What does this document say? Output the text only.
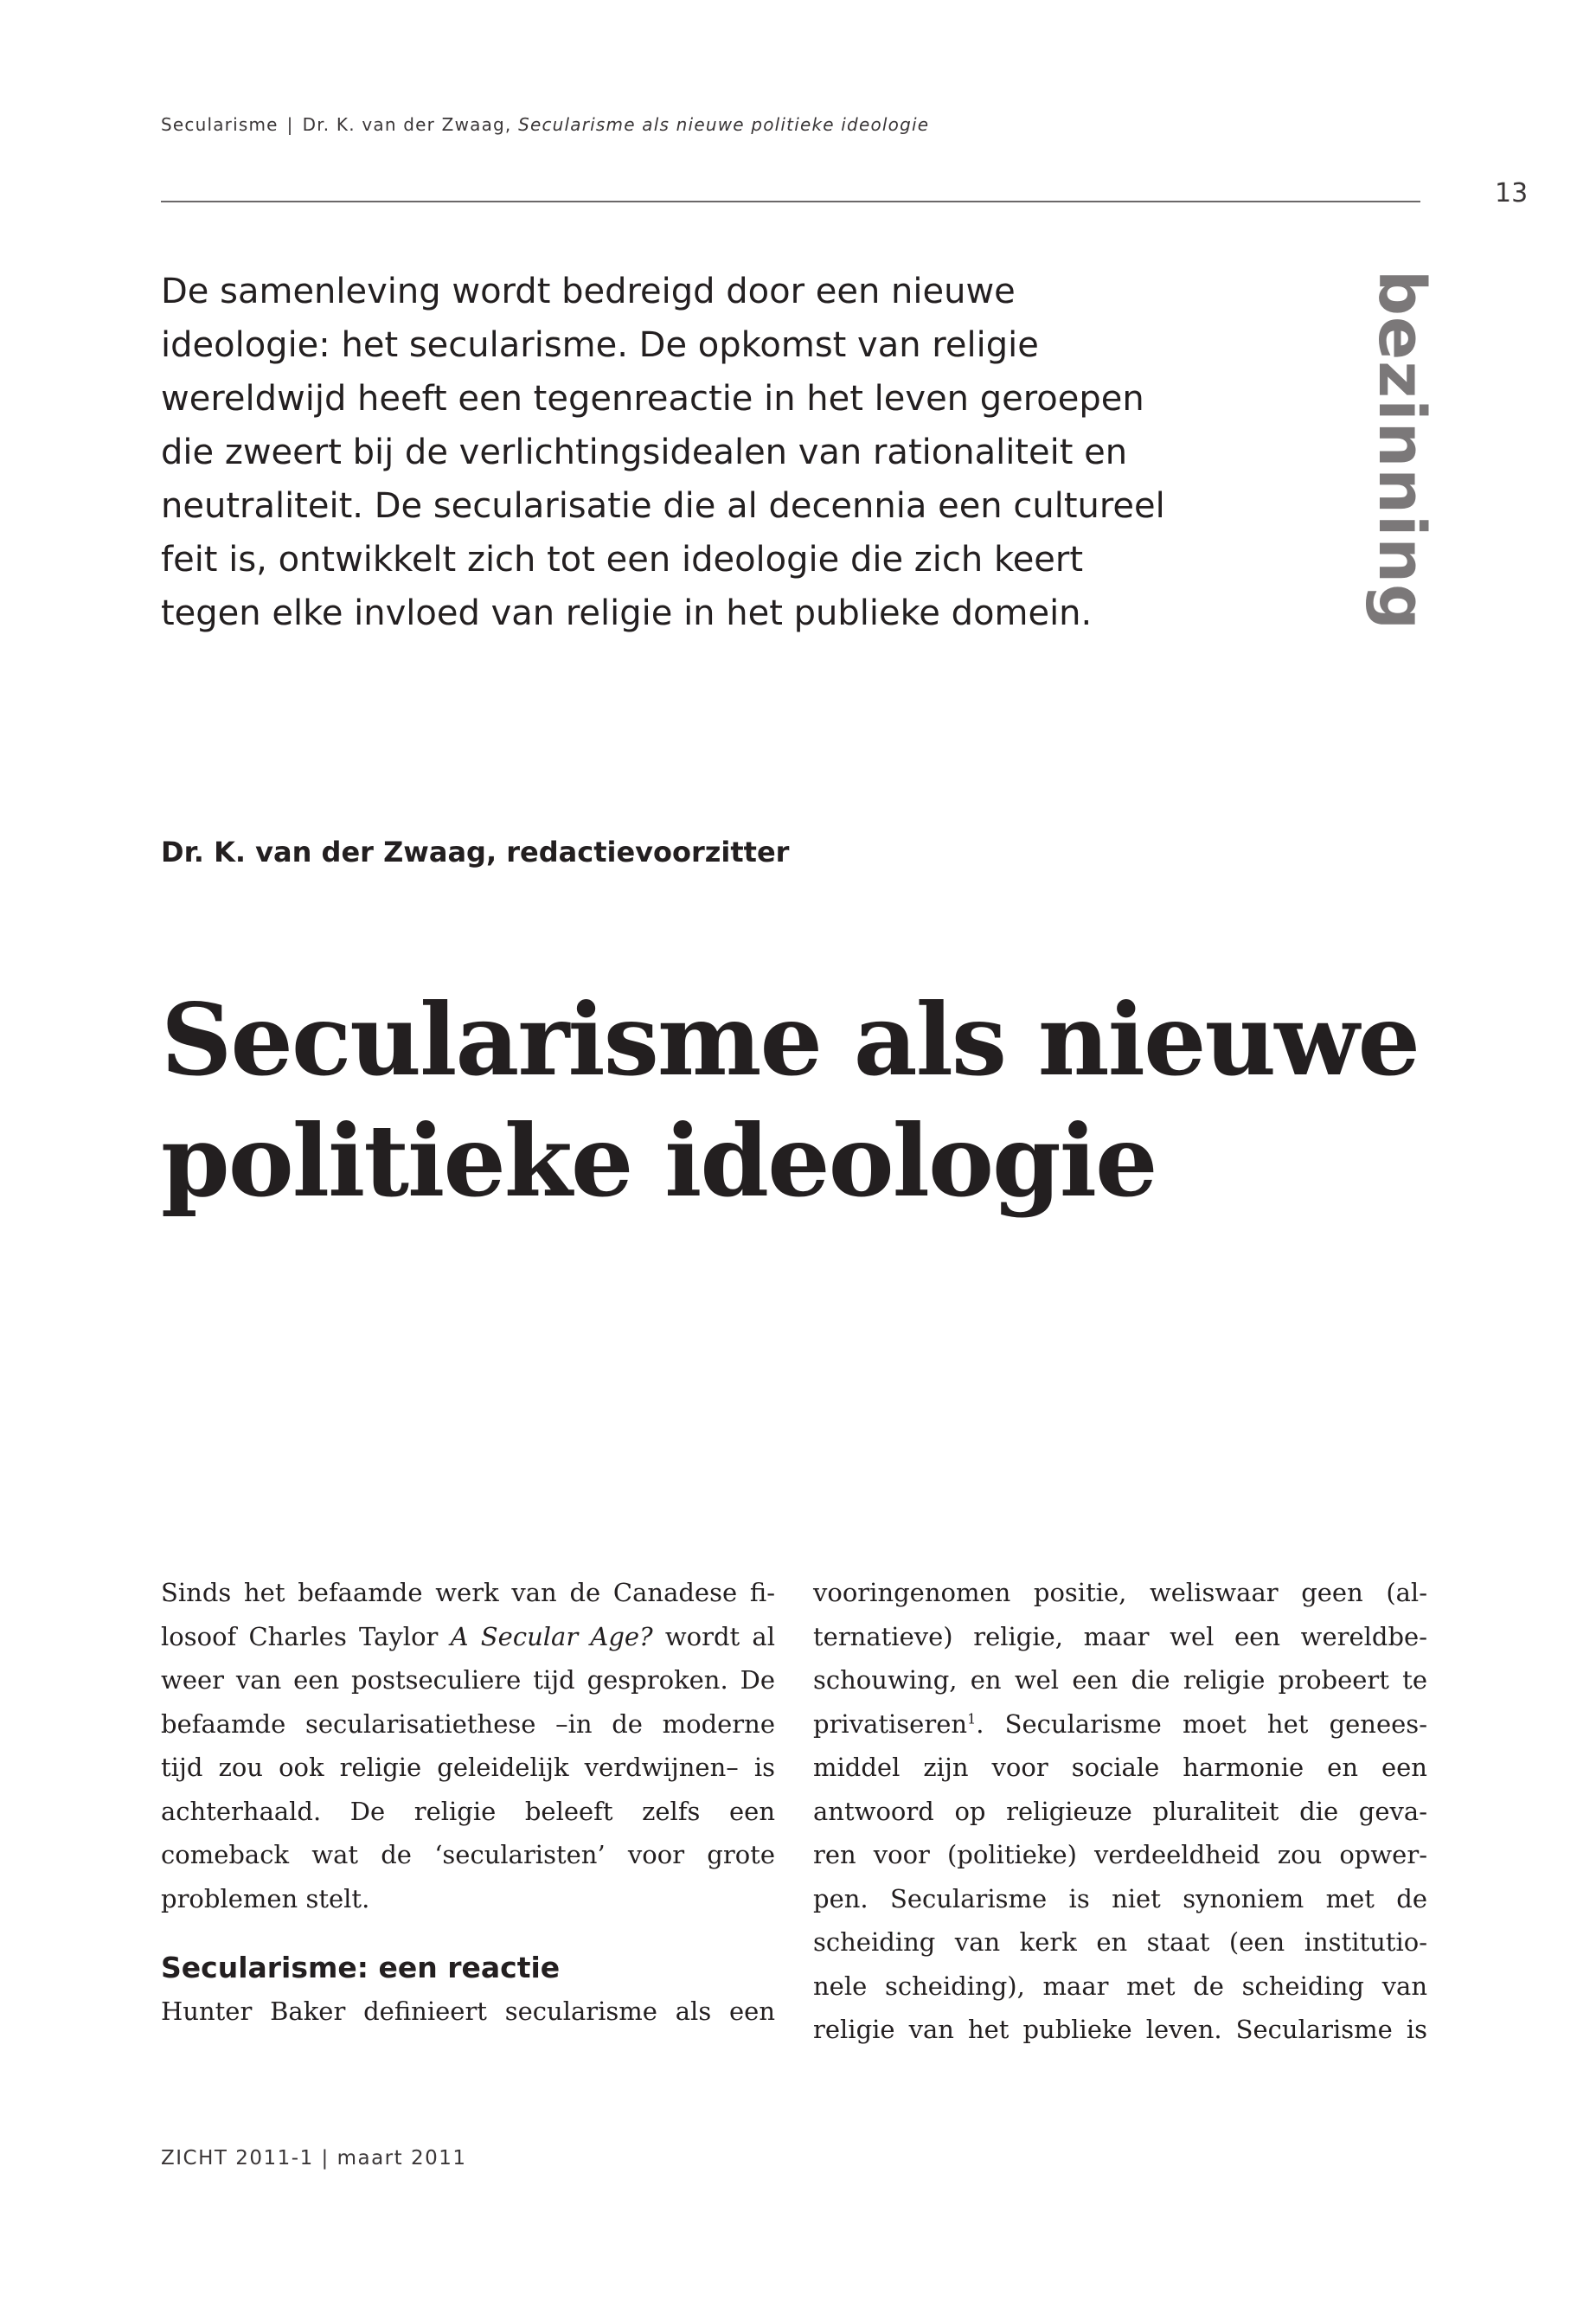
Secularisme | Dr. K. van der Zwaag, Secularisme als nieuwe politieke ideologie
13
De samenleving wordt bedreigd door een nieuwe
ideologie: het secularisme. De opkomst van religie
wereldwijd heeft een tegenreactie in het leven geroepen
die zweert bij de verlichtingsidealen van rationaliteit en
neutraliteit. De secularisatie die al decennia een cultureel
feit is, ontwikkelt zich tot een ideologie die zich keert
tegen elke invloed van religie in het publieke domein.	bezinning
Dr. K. van der Zwaag, redactievoorzitter
Secularisme als nieuwe
politieke ideologie
Sinds het befaamde werk van de Canadese fi-
losoof Charles Taylor A Secular Age? wordt al
weer van een postseculiere tijd gesproken. De
befaamde secularisatiethese –in de moderne
tijd zou ook religie geleidelijk verdwijnen– is
achterhaald. De religie beleeft zelfs een
comeback wat de ‘secularisten’ voor grote
problemen stelt.
Secularisme: een reactie
Hunter Baker definieert secularisme als een
vooringenomen positie, weliswaar geen (al-
ternatieve) religie, maar wel een wereldbe-
schouwing, en wel een die religie probeert te
privatiseren$^1$. Secularisme moet het genees-
middel zijn voor sociale harmonie en een
antwoord op religieuze pluraliteit die geva-
ren voor (politieke) verdeeldheid zou opwer-
pen. Secularisme is niet synoniem met de
scheiding van kerk en staat (een institutio-
nele scheiding), maar met de scheiding van
religie van het publieke leven. Secularisme is
ZICHT 2011-1 | maart 2011
